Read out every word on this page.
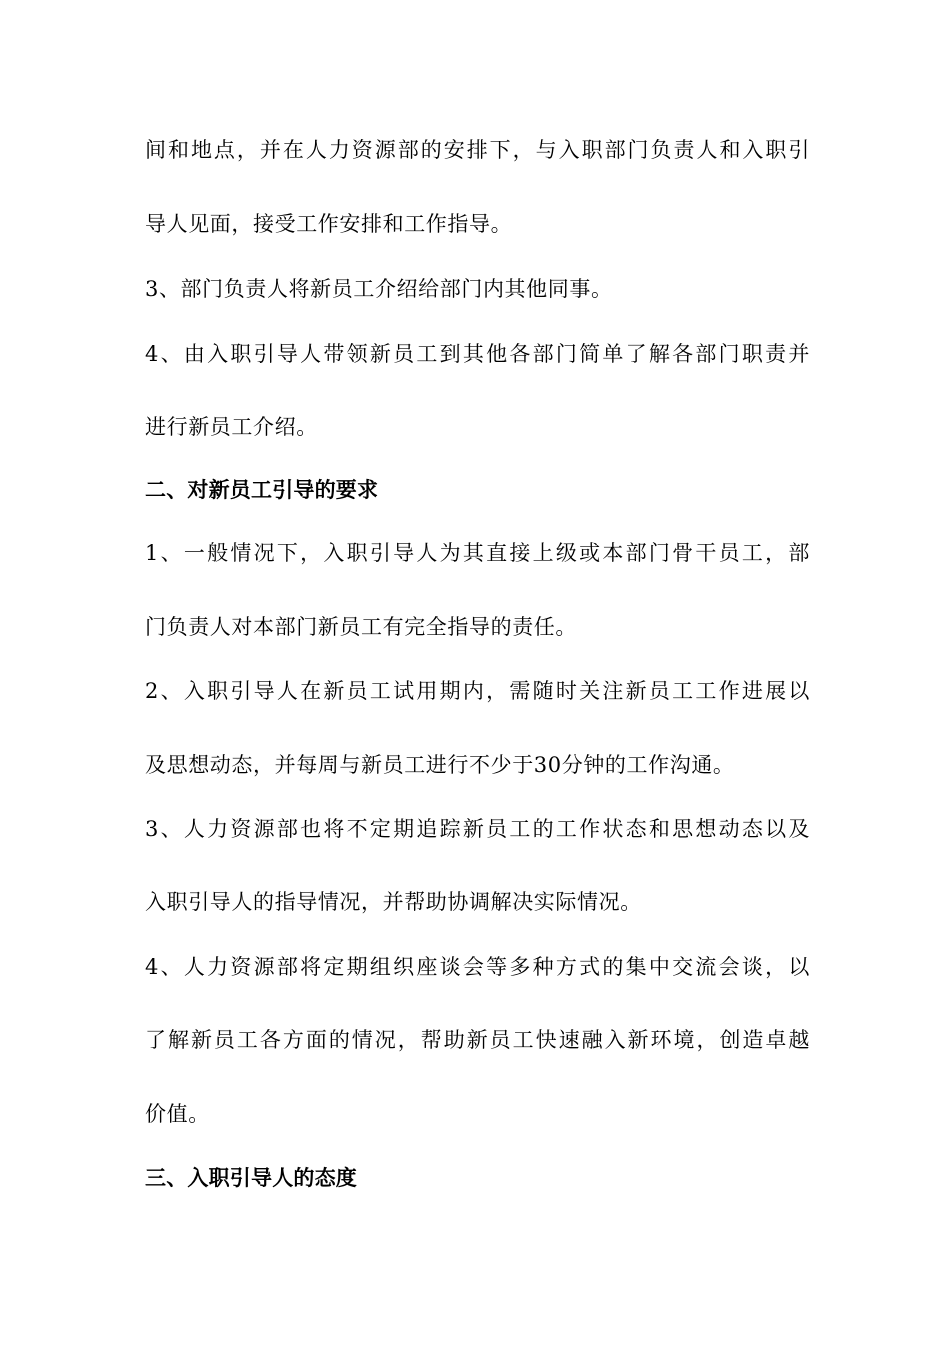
间和地点，并在人力资源部的安排下，与入职部门负责人和入职引
导人见面，接受工作安排和工作指导。
3、部门负责人将新员工介绍给部门内其他同事。
4、由入职引导人带领新员工到其他各部门简单了解各部门职责并
进行新员工介绍。
二、对新员工引导的要求
1、一般情况下，入职引导人为其直接上级或本部门骨干员工，部
门负责人对本部门新员工有完全指导的责任。
2、入职引导人在新员工试用期内，需随时关注新员工工作进展以
及思想动态，并每周与新员工进行不少于30分钟的工作沟通。
3、人力资源部也将不定期追踪新员工的工作状态和思想动态以及
入职引导人的指导情况，并帮助协调解决实际情况。
4、人力资源部将定期组织座谈会等多种方式的集中交流会谈，以
了解新员工各方面的情况，帮助新员工快速融入新环境，创造卓越
价值。
三、入职引导人的态度
